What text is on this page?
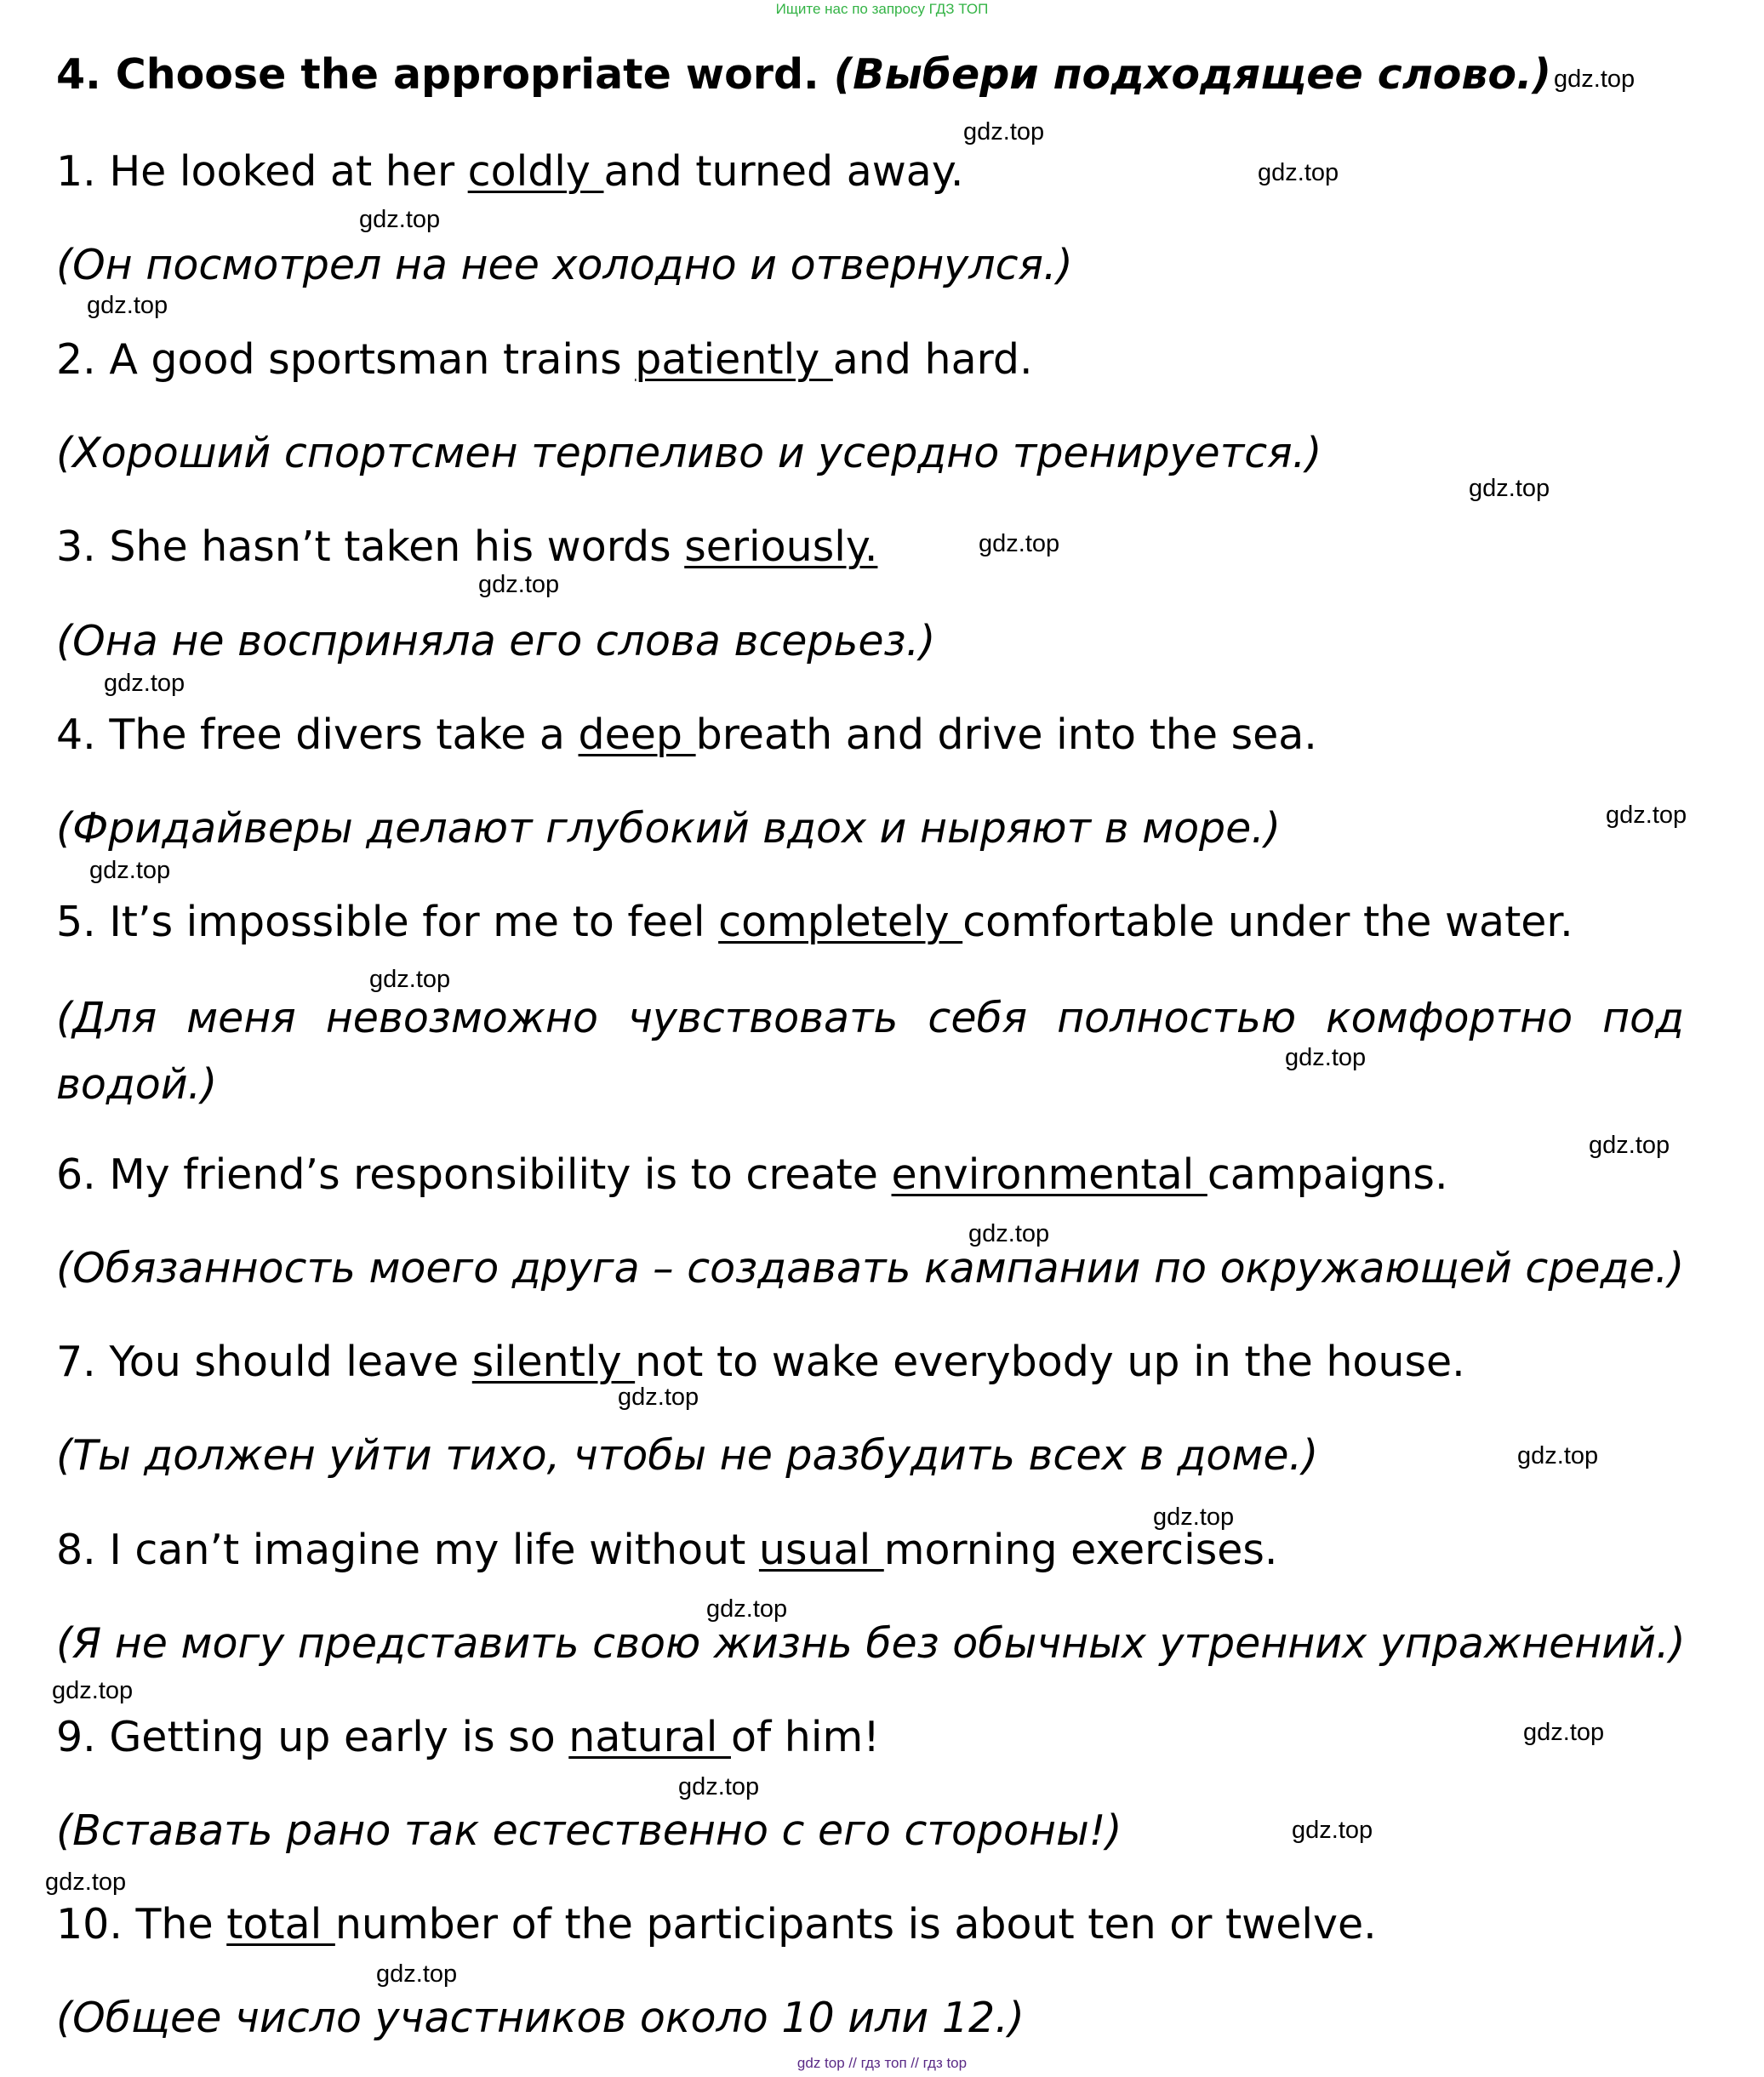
Ищите нас по запросу ГДЗ ТОП
4. Choose the appropriate word. (Выбери подходящее слово.)
1. He looked at her coldly and turned away.
(Он посмотрел на нее холодно и отвернулся.)
2. A good sportsman trains patiently and hard.
(Хороший спортсмен терпеливо и усердно тренируется.)
3. She hasn’t taken his words seriously.
(Она не восприняла его слова всерьез.)
4. The free divers take a deep breath and drive into the sea.
(Фридайверы делают глубокий вдох и ныряют в море.)
5. It’s impossible for me to feel completely comfortable under the water.
(Для меня невозможно чувствовать себя полностью комфортно под водой.)
6. My friend’s responsibility is to create environmental campaigns.
(Обязанность моего друга – создавать кампании по окружающей среде.)
7. You should leave silently not to wake everybody up in the house.
(Ты должен уйти тихо, чтобы не разбудить всех в доме.)
8. I can’t imagine my life without usual morning exercises.
(Я не могу представить свою жизнь без обычных утренних упражнений.)
9. Getting up early is so natural of him!
(Вставать рано так естественно с его стороны!)
10. The total number of the participants is about ten or twelve.
(Общее число участников около 10 или 12.)
gdz.top
gdz.top
gdz.top
gdz.top
gdz.top
gdz.top
gdz.top
gdz.top
gdz.top
gdz.top
gdz.top
gdz.top
gdz.top
gdz.top
gdz.top
gdz.top
gdz.top
gdz.top
gdz.top
gdz.top
gdz.top
gdz.top
gdz.top
gdz.top
gdz.top
gdz top // гдз топ // гдз top
